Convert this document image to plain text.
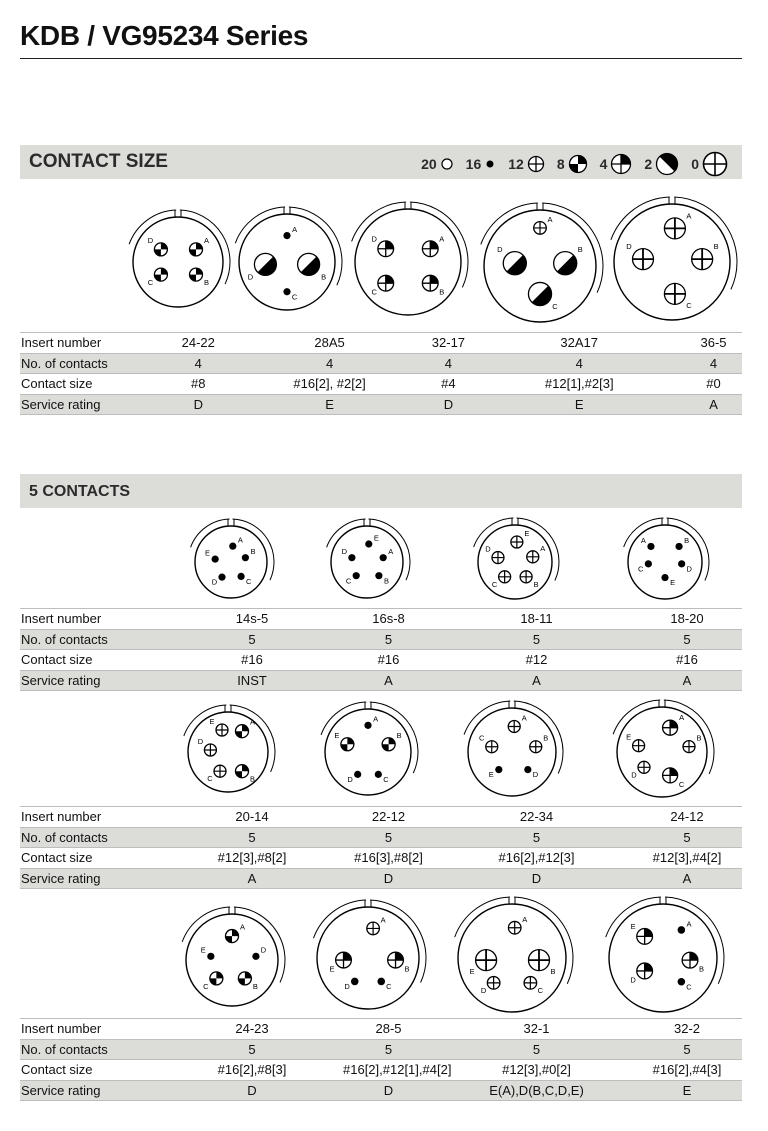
KDB / VG95234 Series
CONTACT SIZE	20 16 12 8	4	2	0
A
B
C
D
A
B
C
D
A
B
C
D
A
B
C
D
A
B
C
D
Insert number	24-22	28A5	32-17	32A17	36-5
No. of contacts	4	4	4	4	4
Contact size	#8	#16[2], #2[2]	#4	#12[1],#2[3]	#0
Service rating	D	E	D	E	A
5 CONTACTS
A
B
C
D
E
E
A
B
C
D
E
A
B
C
D
A	B
C	D
E
Insert number	14s-5	16s-8	18-11	18-20
No. of contacts	5	5	5	5
Contact size	#16	#16	#12	#16
Service rating	INST	A	A	A
E	A
B
C
D
A
E	B
C
D
A
C	B
E	D
A
E	B
D
C
Insert number	20-14	22-12	22-34	24-12
No. of contacts	5	5	5	5
Contact size	#12[3],#8[2]	#16[3],#8[2]	#16[2],#12[3]	#12[3],#4[2]
Service rating	A	D	D	A
A
E	D
C	B
A
E	B
D	C
A
E	B
D	C
E	A
B
D
C
Insert number	24-23	28-5	32-1	32-2
No. of contacts	5	5	5	5
Contact size	#16[2],#8[3]	#16[2],#12[1],#4[2]	#12[3],#0[2]	#16[2],#4[3]
Service rating	D	D	E(A),D(B,C,D,E)	E
